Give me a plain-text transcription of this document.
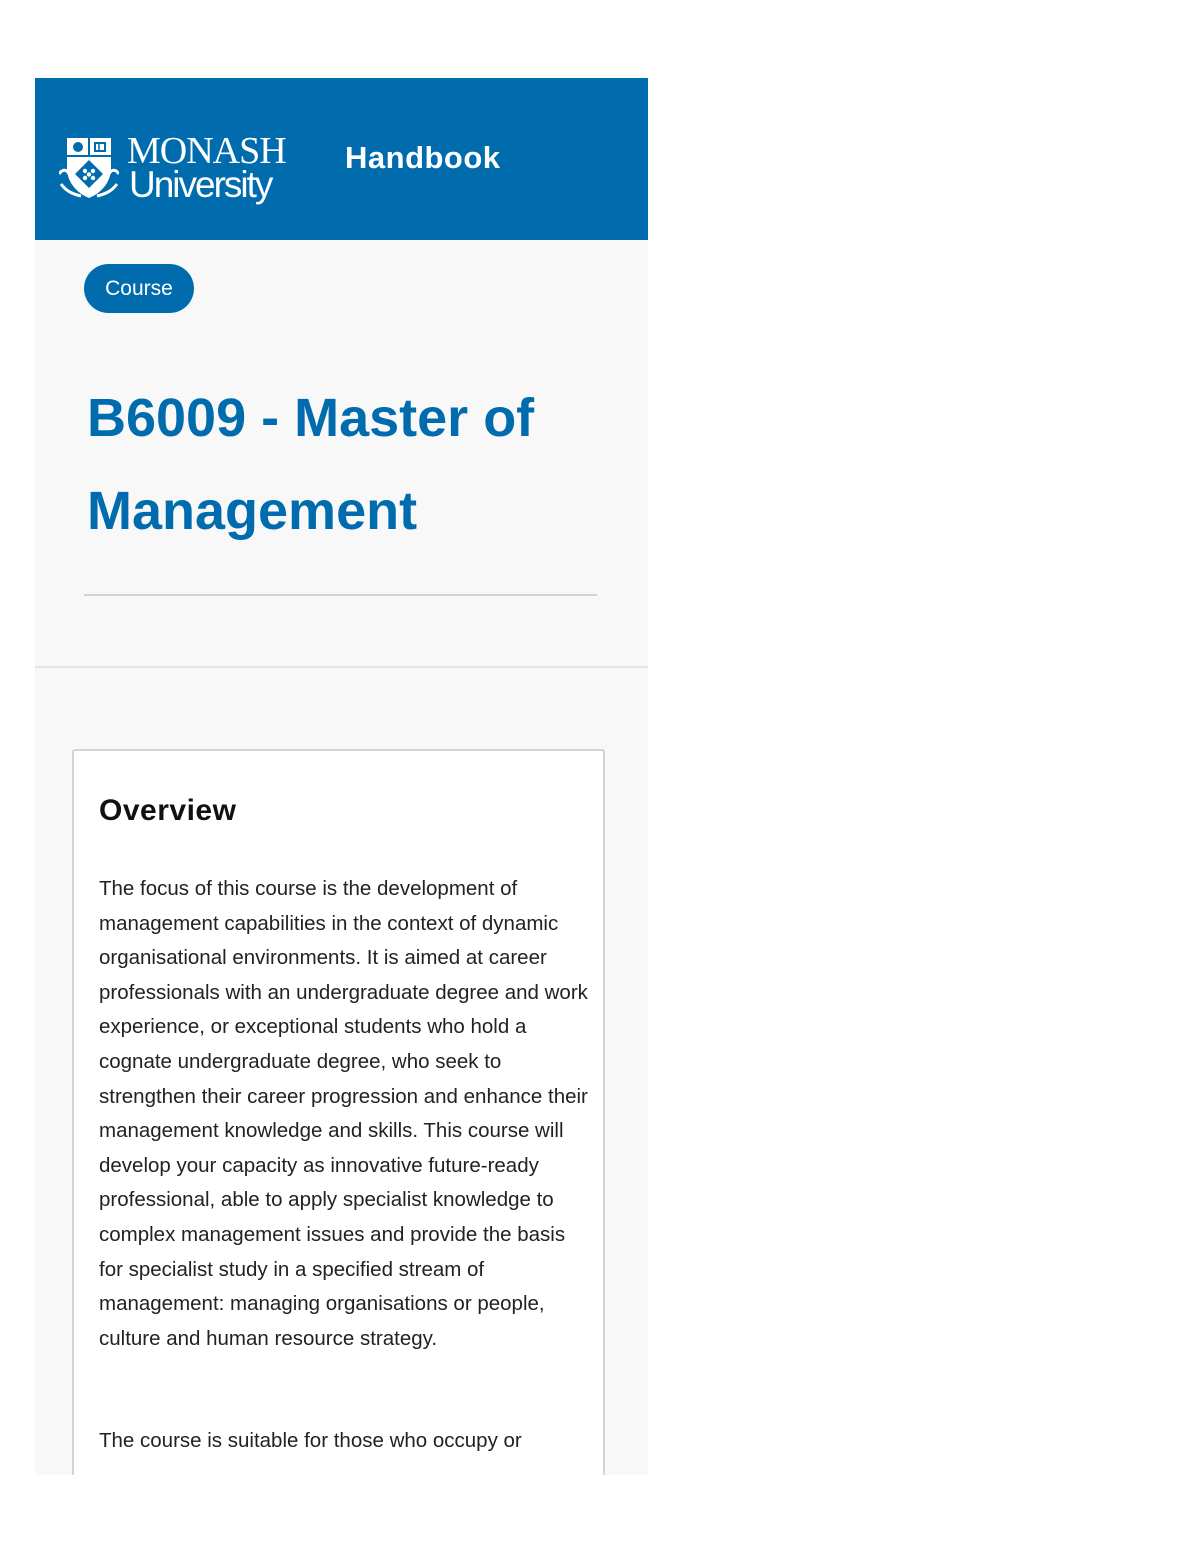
MONASH
University
Handbook
Course
B6009 - Master of Management
Overview

The focus of this course is the development of management capabilities in the context of dynamic organisational environments. It is aimed at career professionals with an undergraduate degree and work experience, or exceptional students who hold a cognate undergraduate degree, who seek to strengthen their career progression and enhance their management knowledge and skills. This course will develop your capacity as innovative future-ready professional, able to apply specialist knowledge to complex management issues and provide the basis for specialist study in a specified stream of management: managing organisations or people, culture and human resource strategy.

The course is suitable for those who occupy or
